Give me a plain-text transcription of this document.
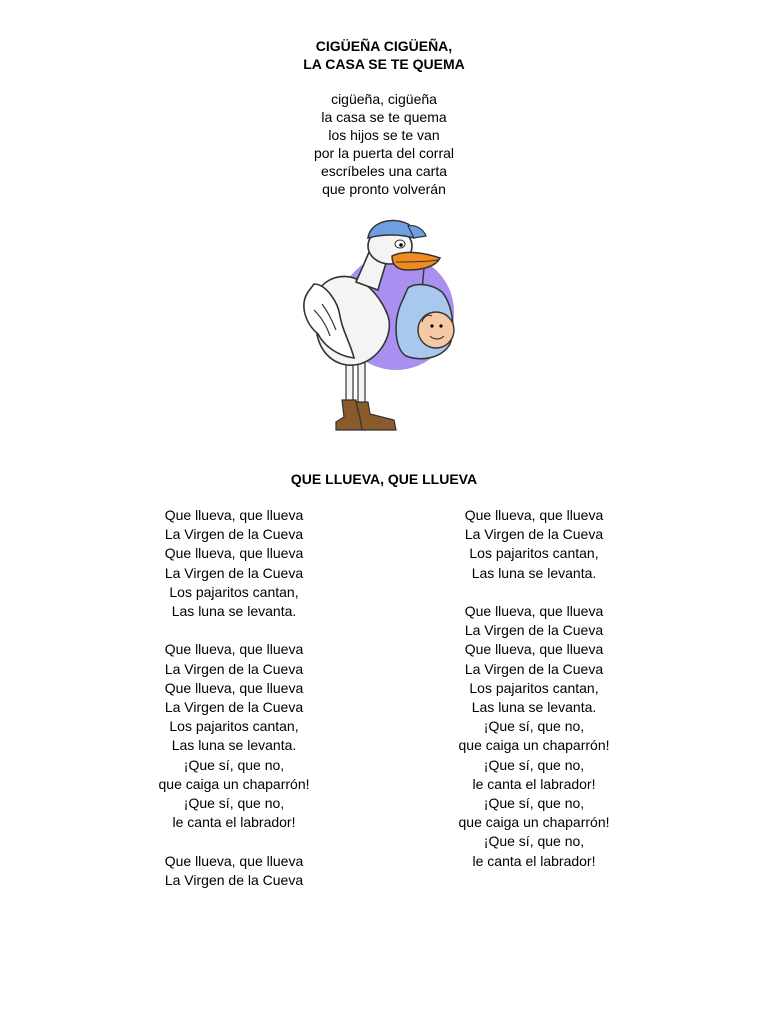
CIGÜEÑA CIGÜEÑA,
LA CASA SE TE QUEMA
cigüeña, cigüeña
la casa se te quema
los hijos se te van
por la puerta del corral
escríbeles una carta
que pronto volverán
QUE LLUEVA, QUE LLUEVA
Que llueva, que llueva
La Virgen de la Cueva
Que llueva, que llueva
La Virgen de la Cueva
Los pajaritos cantan,
Las luna se levanta.
Que llueva, que llueva
La Virgen de la Cueva
Que llueva, que llueva
La Virgen de la Cueva
Los pajaritos cantan,
Las luna se levanta.
¡Que sí, que no,
que caiga un chaparrón!
¡Que sí, que no,
le canta el labrador!
Que llueva, que llueva
La Virgen de la Cueva
Que llueva, que llueva
La Virgen de la Cueva
Los pajaritos cantan,
Las luna se levanta.
Que llueva, que llueva
La Virgen de la Cueva
Que llueva, que llueva
La Virgen de la Cueva
Los pajaritos cantan,
Las luna se levanta.
¡Que sí, que no,
que caiga un chaparrón!
¡Que sí, que no,
le canta el labrador!
¡Que sí, que no,
que caiga un chaparrón!
¡Que sí, que no,
le canta el labrador!
